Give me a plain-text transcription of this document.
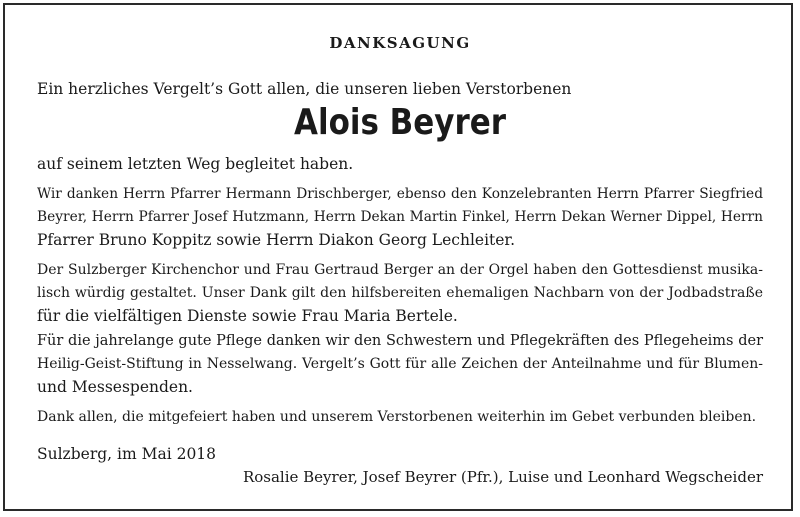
DANKSAGUNG
Ein herzliches Vergelt’s Gott allen, die unseren lieben Verstorbenen
Alois Beyrer
auf seinem letzten Weg begleitet haben.
Wir danken Herrn Pfarrer Hermann Drischberger, ebenso den Konzelebranten Herrn Pfarrer Siegfried
Beyrer, Herrn Pfarrer Josef Hutzmann, Herrn Dekan Martin Finkel, Herrn Dekan Werner Dippel, Herrn
Pfarrer Bruno Koppitz sowie Herrn Diakon Georg Lechleiter.
Der Sulzberger Kirchenchor und Frau Gertraud Berger an der Orgel haben den Gottesdienst musika-
lisch würdig gestaltet. Unser Dank gilt den hilfsbereiten ehemaligen Nachbarn von der Jodbadstraße
für die vielfältigen Dienste sowie Frau Maria Bertele.
Für die jahrelange gute Pflege danken wir den Schwestern und Pflegekräften des Pflegeheims der
Heilig-Geist-Stiftung in Nesselwang. Vergelt’s Gott für alle Zeichen der Anteilnahme und für Blumen-
und Messespenden.
Dank allen, die mitgefeiert haben und unserem Verstorbenen weiterhin im Gebet verbunden bleiben.
Sulzberg, im Mai 2018
Rosalie Beyrer, Josef Beyrer (Pfr.), Luise und Leonhard Wegscheider
